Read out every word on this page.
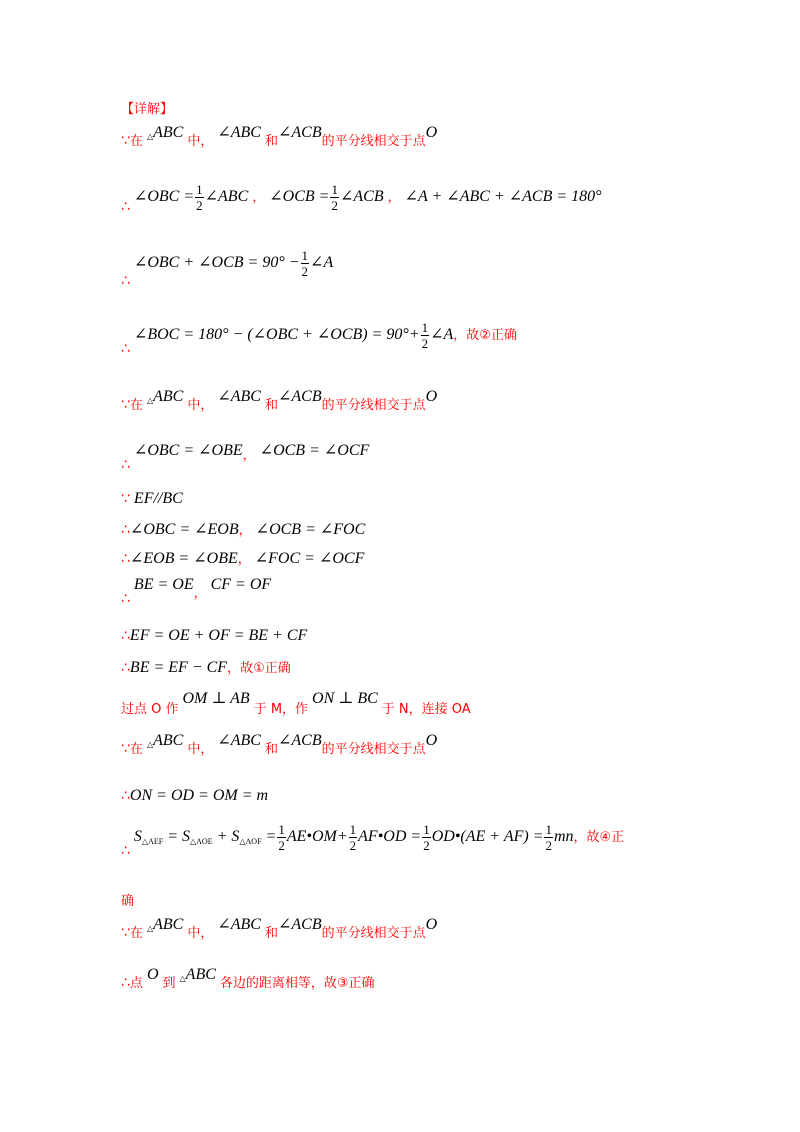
【详解】
∵在 △ABC 中， ∠ABC 和∠ACB的平分线相交于点O
∴ ∠OBC = $\frac{1}{2}$ ∠ABC ， ∠OCB = $\frac{1}{2}$ ∠ACB ， ∠A + ∠ABC + ∠ACB = 180°
∴ ∠OBC + ∠OCB = $90^\circ - \frac{1}{2}$ ∠A
∴ ∠BOC = 180° − (∠OBC + ∠OCB) = $90^\circ+ \frac{1}{2}$ ∠A，故②正确
∵在 △ABC 中， ∠ABC 和∠ACB的平分线相交于点O
∴ ∠OBC = ∠OBE， ∠OCB = ∠OCF
∵ EF//BC
∴∠OBC = ∠EOB， ∠OCB = ∠FOC
∴∠EOB = ∠OBE， ∠FOC = ∠OCF
∴ BE = $OE_,$ CF = OF
∴EF = OE + OF = BE + CF
∴BE = EF − CF，故①正确
$_{过点 O 作}$ OM ⊥ AB $_{于 M,作}$ ON ⊥ BC $_{于 N,连接 OA}$
∵在 △ABC 中， ∠ABC 和∠ACB的平分线相交于点O
∴ON = OD = OM = m
∴ $S_{\triangle AEF} = S_{\triangle AOE} + S_{\triangle AOF} = \frac{1}{2}$ AE•OM+ $\frac{1}{2}$ AF•OD = $\frac{1}{2}$ OD•(AE + $AF) = \frac{1}{2}$ mn，故④正
确
∵在 △ABC 中， ∠ABC 和∠ACB的平分线相交于点O
∴点 O 到 △ABC 各边的距离相等，故③正确
